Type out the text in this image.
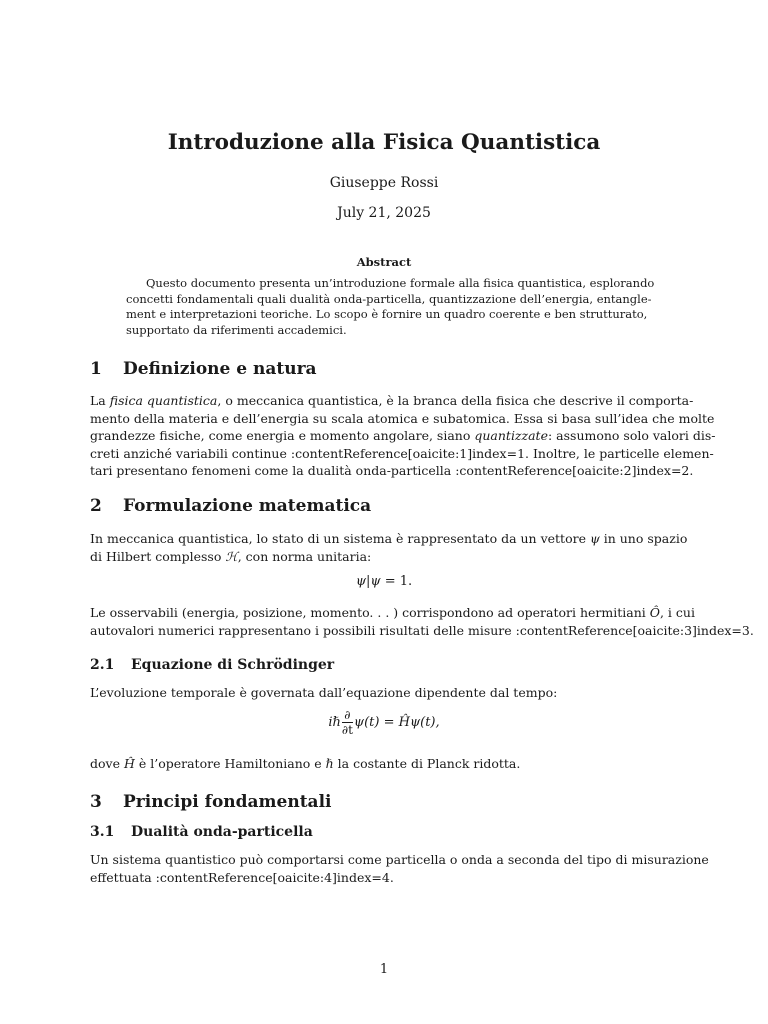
Introduzione alla Fisica Quantistica
Giuseppe Rossi
July 21, 2025
Abstract
Questo documento presenta un’introduzione formale alla fisica quantistica, esplorando
concetti fondamentali quali dualità onda-particella, quantizzazione dell’energia, entangle-
ment e interpretazioni teoriche. Lo scopo è fornire un quadro coerente e ben strutturato,
supportato da riferimenti accademici.
1 Definizione e natura
La fisica quantistica, o meccanica quantistica, è la branca della fisica che descrive il comporta-
mento della materia e dell’energia su scala atomica e subatomica. Essa si basa sull’idea che molte
grandezze fisiche, come energia e momento angolare, siano quantizzate: assumono solo valori dis-
creti anziché variabili continue :contentReference[oaicite:1]index=1. Inoltre, le particelle elemen-
tari presentano fenomeni come la dualità onda-particella :contentReference[oaicite:2]index=2.
2 Formulazione matematica
In meccanica quantistica, lo stato di un sistema è rappresentato da un vettore ψ in uno spazio
di Hilbert complesso ℋ, con norma unitaria:
ψ|ψ = 1.
Le osservabili (energia, posizione, momento. . . ) corrispondono ad operatori hermitiani Ô, i cui
autovalori numerici rappresentano i possibili risultati delle misure :contentReference[oaicite:3]index=3.
2.1 Equazione di Schrödinger
L’evoluzione temporale è governata dall’equazione dipendente dal tempo:
iℏ $\frac{\partial}{\partial t} \psi(t)$ = Ĥψ(t),
dove Ĥ è l’operatore Hamiltoniano e ℏ la costante di Planck ridotta.
3 Principi fondamentali
3.1 Dualità onda-particella
Un sistema quantistico può comportarsi come particella o onda a seconda del tipo di misurazione
effettuata :contentReference[oaicite:4]index=4.
1
